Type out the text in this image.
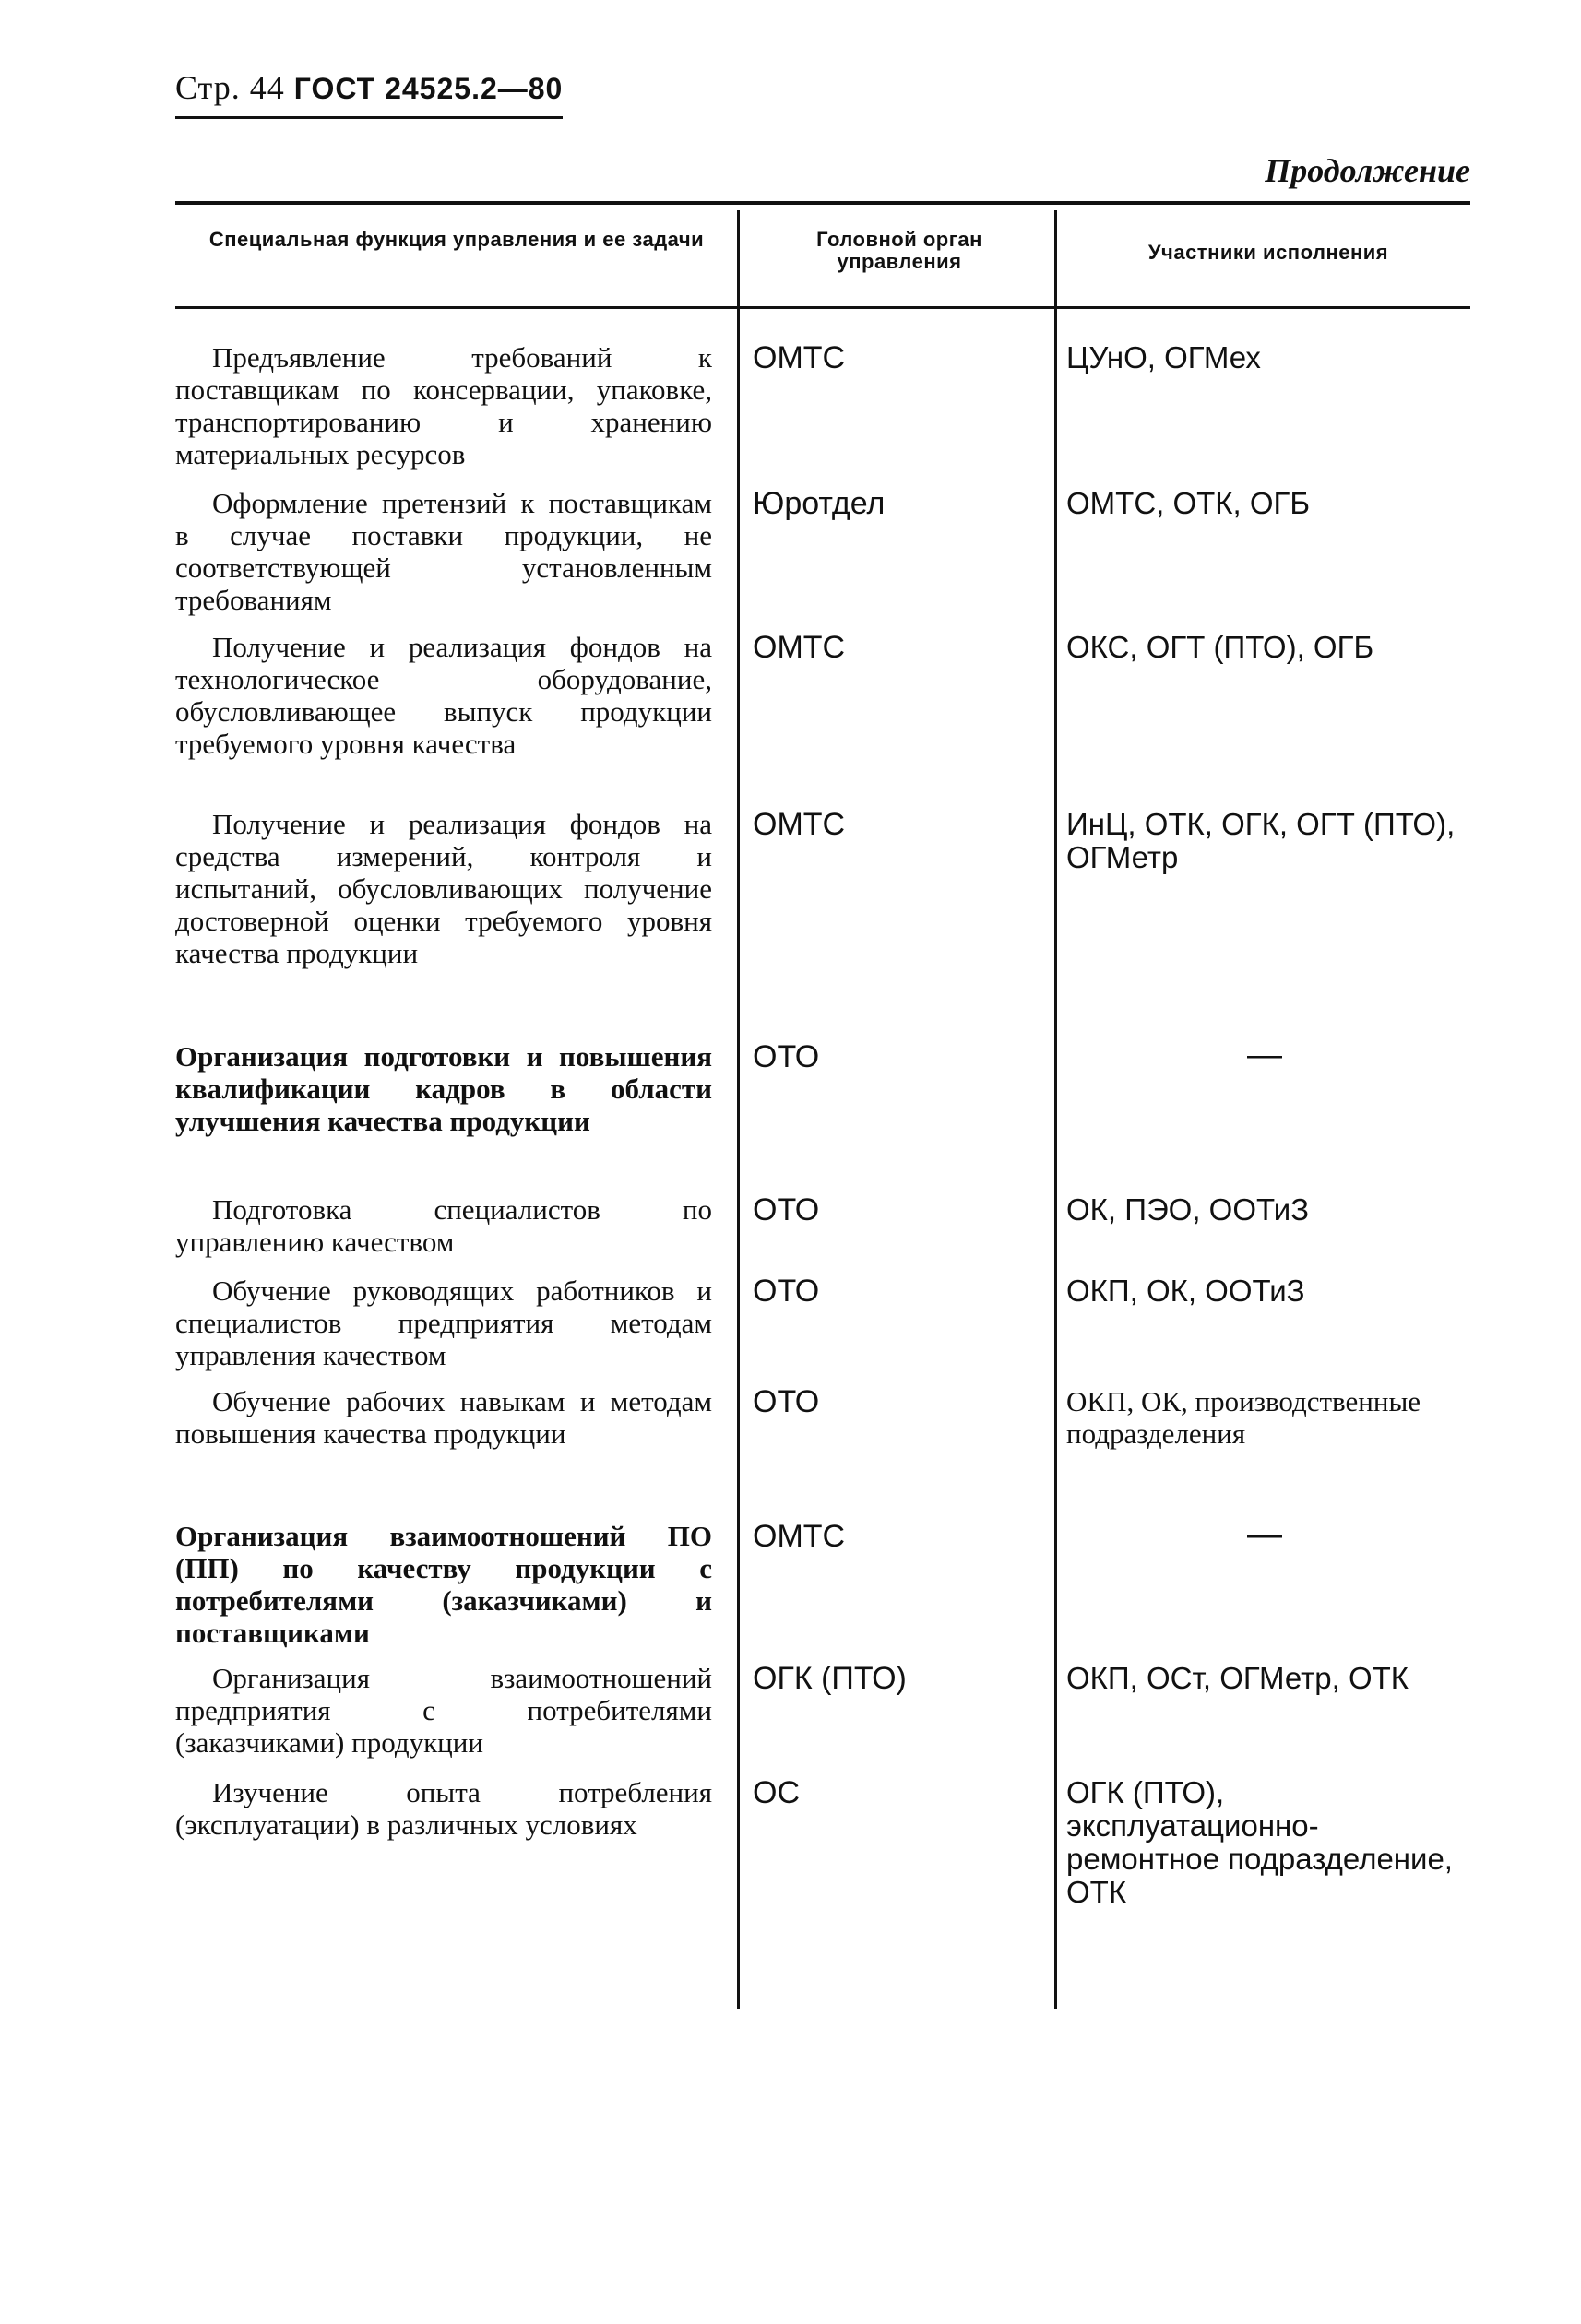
Стр. 44 ГОСТ 24525.2—80
Продолжение
Специальная функция управления и ее задачи	Головной орган управления	Участники исполнения
Предъявление требований к поставщикам по консервации, упаковке, транспортированию и хранению материальных ресурсов
ОМТС	ЦУнО, ОГМех
Оформление претензий к поставщикам в случае поставки продукции, не соответствующей установленным требованиям
Юротдел	ОМТС, ОТК, ОГБ
Получение и реализация фондов на технологическое оборудование, обусловливающее выпуск продукции требуемого уровня качества
ОМТС	ОКС, ОГТ (ПТО), ОГБ
Получение и реализация фондов на средства измерений, контроля и испытаний, обусловливающих получение достоверной оценки требуемого уровня качества продукции
ОМТС	ИнЦ, ОТК, ОГК, ОГТ (ПТО), ОГМетр
Организация подготовки и повышения квалификации кадров в области улучшения качества продукции
ОТО	—
Подготовка специалистов по управлению качеством
ОТО	ОК, ПЭО, ООТиЗ
Обучение руководящих работников и специалистов предприятия методам управления качеством
ОТО	ОКП, ОК, ООТиЗ
Обучение рабочих навыкам и методам повышения качества продукции
ОТО	ОКП, ОК, производственные подразделения
Организация взаимоотношений ПО (ПП) по качеству продукции с потребителями (заказчиками) и поставщиками
ОМТС	—
Организация взаимоотношений предприятия с потребителями (заказчиками) продукции
ОГК (ПТО)	ОКП, ОСт, ОГМетр, ОТК
Изучение опыта потребления (эксплуатации) в различных условиях
ОС	ОГК (ПТО), эксплуатационно-ремонтное подразделение, ОТК
